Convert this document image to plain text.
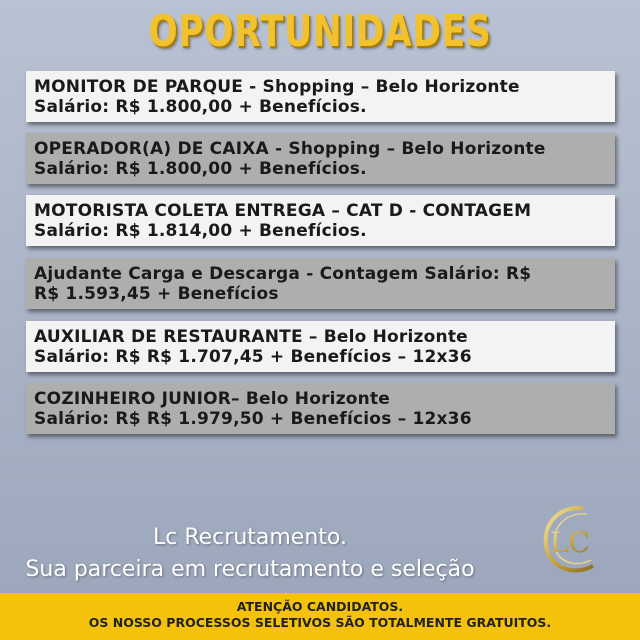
OPORTUNIDADES
MONITOR DE PARQUE - Shopping – Belo Horizonte
Salário: R$ 1.800,00 + Benefícios.
OPERADOR(A) DE CAIXA - Shopping – Belo Horizonte
Salário: R$ 1.800,00 + Benefícios.
MOTORISTA COLETA ENTREGA – CAT D - CONTAGEM
Salário: R$ 1.814,00 + Benefícios.
Ajudante Carga e Descarga - Contagem Salário: R$
R$ 1.593,45 + Benefícios
AUXILIAR DE RESTAURANTE – Belo Horizonte
Salário: R$ R$ 1.707,45 + Benefícios – 12x36
COZINHEIRO JUNIOR– Belo Horizonte
Salário: R$ R$ 1.979,50 + Benefícios – 12x36
Lc Recrutamento.
Sua parceira em recrutamento e seleção
LC
ATENÇÃO CANDIDATOS.
OS NOSSO PROCESSOS SELETIVOS SÃO TOTALMENTE GRATUITOS.
